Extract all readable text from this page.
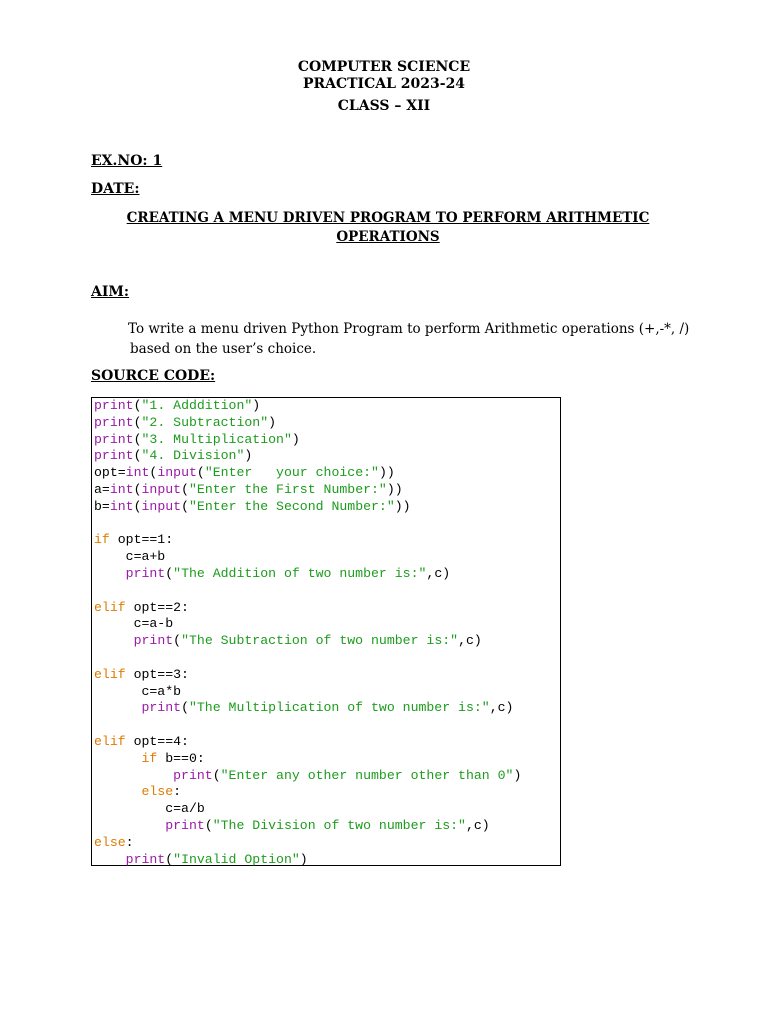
COMPUTER SCIENCE
PRACTICAL 2023-24
CLASS – XII
EX.NO: 1
DATE:
CREATING A MENU DRIVEN PROGRAM TO PERFORM ARITHMETIC OPERATIONS
AIM:
To write a menu driven Python Program to perform Arithmetic operations (+,-*, /)
based on the user’s choice.
SOURCE CODE:
print("1. Adddition")
print("2. Subtraction")
print("3. Multiplication")
print("4. Division")
opt=int(input("Enter   your choice:"))
a=int(input("Enter the First Number:"))
b=int(input("Enter the Second Number:"))

if opt==1:
c=a+b
print("The Addition of two number is:",c)

elif opt==2:
c=a-b
print("The Subtraction of two number is:",c)

elif opt==3:
c=a*b
print("The Multiplication of two number is:",c)

elif opt==4:
if b==0:
print("Enter any other number other than 0")
else:
c=a/b
print("The Division of two number is:",c)
else:
print("Invalid Option")
